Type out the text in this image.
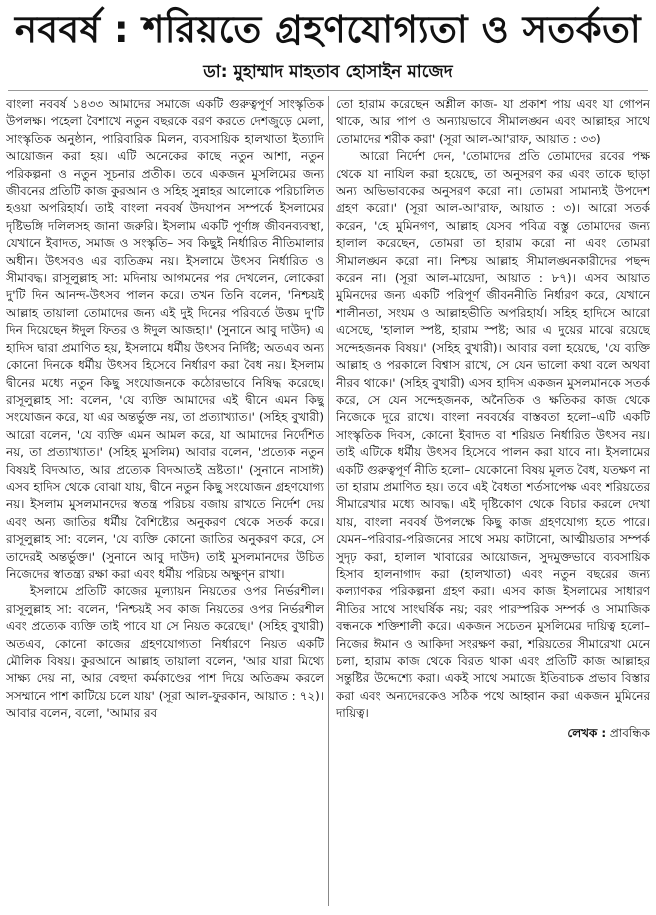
নববর্ষ : শরিয়তে গ্রহণযোগ্যতা ও সতর্কতা
ডা: মুহাম্মাদ মাহতাব হোসাইন মাজেদ

বাংলা নববর্ষ ১৪৩৩ আমাদের সমাজে একটি গুরুত্বপূর্ণ সাংস্কৃতিক উপলক্ষ। পহেলা বৈশাখে নতুন বছরকে বরণ করতে দেশজুড়ে মেলা, সাংস্কৃতিক অনুষ্ঠান, পারিবারিক মিলন, ব্যবসায়িক হালখাতা ইত্যাদি আয়োজন করা হয়। এটি অনেকের কাছে নতুন আশা, নতুন পরিকল্পনা ও নতুন সূচনার প্রতীক। তবে একজন মুসলিমের জন্য জীবনের প্রতিটি কাজ কুরআন ও সহিহ সুন্নাহর আলোকে পরিচালিত হওয়া অপরিহার্য। তাই বাংলা নববর্ষ উদযাপন সম্পর্কে ইসলামের দৃষ্টিভঙ্গি দলিলসহ জানা জরুরি। ইসলাম একটি পূর্ণাঙ্গ জীবনব্যবস্থা, যেখানে ইবাদত, সমাজ ও সংস্কৃতি– সব কিছুই নির্ধারিত নীতিমালার অধীন। উৎসবও এর ব্যতিক্রম নয়। ইসলামে উৎসব নির্ধারিত ও সীমাবদ্ধ। রাসূলুল্লাহ সা: মদিনায় আগমনের পর দেখলেন, লোকেরা দু'টি দিন আনন্দ-উৎসব পালন করে। তখন তিনি বলেন, 'নিশ্চয়ই আল্লাহ তায়ালা তোমাদের জন্য এই দুই দিনের পরিবর্তে উত্তম দু'টি দিন দিয়েছেন ঈদুল ফিতর ও ঈদুল আজহা।' (সুনানে আবু দাউদ) এ হাদিস দ্বারা প্রমাণিত হয়, ইসলামে ধর্মীয় উৎসব নির্দিষ্ট; অতএব অন্য কোনো দিনকে ধর্মীয় উৎসব হিসেবে নির্ধারণ করা বৈধ নয়। ইসলাম দ্বীনের মধ্যে নতুন কিছু সংযোজনকে কঠোরভাবে নিষিদ্ধ করেছে। রাসূলুল্লাহ সা: বলেন, 'যে ব্যক্তি আমাদের এই দ্বীনে এমন কিছু সংযোজন করে, যা এর অন্তর্ভুক্ত নয়, তা প্রত্যাখ্যাত।' (সহিহ বুখারী) আরো বলেন, 'যে ব্যক্তি এমন আমল করে, যা আমাদের নির্দেশিত নয়, তা প্রত্যাখ্যাত।' (সহিহ মুসলিম) আবার বলেন, 'প্রত্যেক নতুন বিষয়ই বিদআত, আর প্রত্যেক বিদআতই ভ্রষ্টতা।' (সুনানে নাসাঈ) এসব হাদিস থেকে বোঝা যায়, দ্বীনে নতুন কিছু সংযোজন গ্রহণযোগ্য নয়। ইসলাম মুসলমানদের স্বতন্ত্র পরিচয় বজায় রাখতে নির্দেশ দেয় এবং অন্য জাতির ধর্মীয় বৈশিষ্ট্যের অনুকরণ থেকে সতর্ক করে। রাসূলুল্লাহ সা: বলেন, 'যে ব্যক্তি কোনো জাতির অনুকরণ করে, সে তাদেরই অন্তর্ভুক্ত।' (সুনানে আবু দাউদ) তাই মুসলমানদের উচিত নিজেদের স্বাতন্ত্র্য রক্ষা করা এবং ধর্মীয় পরিচয় অক্ষুণ্ন রাখা।

ইসলামে প্রতিটি কাজের মূল্যায়ন নিয়তের ওপর নির্ভরশীল। রাসূলুল্লাহ সা: বলেন, 'নিশ্চয়ই সব কাজ নিয়তের ওপর নির্ভরশীল এবং প্রত্যেক ব্যক্তি তাই পাবে যা সে নিয়ত করেছে।' (সহিহ বুখারী) অতএব, কোনো কাজের গ্রহণযোগ্যতা নির্ধারণে নিয়ত একটি মৌলিক বিষয়। কুরআনে আল্লাহ তায়ালা বলেন, 'আর যারা মিথ্যে সাক্ষ্য দেয় না, আর বেহুদা কর্মকাণ্ডের পাশ দিয়ে অতিক্রম করলে সসম্মানে পাশ কাটিয়ে চলে যায়' (সূরা আল-ফুরকান, আয়াত : ৭২)। আবার বলেন, বলো, 'আমার রব

তো হারাম করেছেন অশ্লীল কাজ- যা প্রকাশ পায় এবং যা গোপন থাকে, আর পাপ ও অন্যায়ভাবে সীমালঙ্ঘন এবং আল্লাহর সাথে তোমাদের শরীক করা' (সূরা আল-আ'রাফ, আয়াত : ৩৩)

আরো নির্দেশ দেন, 'তোমাদের প্রতি তোমাদের রবের পক্ষ থেকে যা নাযিল করা হয়েছে, তা অনুসরণ কর এবং তাকে ছাড়া অন্য অভিভাবকের অনুসরণ করো না। তোমরা সামান্যই উপদেশ গ্রহণ করো।' (সূরা আল-আ'রাফ, আয়াত : ৩)। আরো সতর্ক করেন, 'হে মুমিনগণ, আল্লাহ যেসব পবিত্র বস্তু তোমাদের জন্য হালাল করেছেন, তোমরা তা হারাম করো না এবং তোমরা সীমালঙ্ঘন করো না। নিশ্চয় আল্লাহ সীমালঙ্ঘনকারীদের পছন্দ করেন না। (সূরা আল-মায়েদা, আয়াত : ৮৭)। এসব আয়াত মুমিনদের জন্য একটি পরিপূর্ণ জীবননীতি নির্ধারণ করে, যেখানে শালীনতা, সংযম ও আল্লাহভীতি অপরিহার্য। সহিহ হাদিসে আরো এসেছে, 'হালাল স্পষ্ট, হারাম স্পষ্ট; আর এ দুয়ের মাঝে রয়েছে সন্দেহজনক বিষয়।' (সহিহ বুখারী)। আবার বলা হয়েছে, 'যে ব্যক্তি আল্লাহ ও পরকালে বিশ্বাস রাখে, সে যেন ভালো কথা বলে অথবা নীরব থাকে।' (সহিহ বুখারী) এসব হাদিস একজন মুসলমানকে সতর্ক করে, সে যেন সন্দেহজনক, অনৈতিক ও ক্ষতিকর কাজ থেকে নিজেকে দূরে রাখে। বাংলা নববর্ষের বাস্তবতা হলো–এটি একটি সাংস্কৃতিক দিবস, কোনো ইবাদত বা শরিয়ত নির্ধারিত উৎসব নয়। তাই এটিকে ধর্মীয় উৎসব হিসেবে পালন করা যাবে না। ইসলামের একটি গুরুত্বপূর্ণ নীতি হলো– যেকোনো বিষয় মূলত বৈধ, যতক্ষণ না তা হারাম প্রমাণিত হয়। তবে এই বৈধতা শর্তসাপেক্ষ এবং শরিয়তের সীমারেখার মধ্যে আবদ্ধ। এই দৃষ্টিকোণ থেকে বিচার করলে দেখা যায়, বাংলা নববর্ষ উপলক্ষে কিছু কাজ গ্রহণযোগ্য হতে পারে। যেমন–পরিবার-পরিজনের সাথে সময় কাটানো, আত্মীয়তার সম্পর্ক সুদৃঢ় করা, হালাল খাবারের আয়োজন, সুদমুক্তভাবে ব্যবসায়িক হিসাব হালনাগাদ করা (হালখাতা) এবং নতুন বছরের জন্য কল্যাণকর পরিকল্পনা গ্রহণ করা। এসব কাজ ইসলামের সাধারণ নীতির সাথে সাংঘর্ষিক নয়; বরং পারস্পরিক সম্পর্ক ও সামাজিক বন্ধনকে শক্তিশালী করে। একজন সচেতন মুসলিমের দায়িত্ব হলো– নিজের ঈমান ও আকিদা সংরক্ষণ করা, শরিয়তের সীমারেখা মেনে চলা, হারাম কাজ থেকে বিরত থাকা এবং প্রতিটি কাজ আল্লাহর সন্তুষ্টির উদ্দেশ্যে করা। একই সাথে সমাজে ইতিবাচক প্রভাব বিস্তার করা এবং অন্যদেরকেও সঠিক পথে আহ্বান করা একজন মুমিনের দায়িত্ব।

লেখক : প্রাবন্ধিক
